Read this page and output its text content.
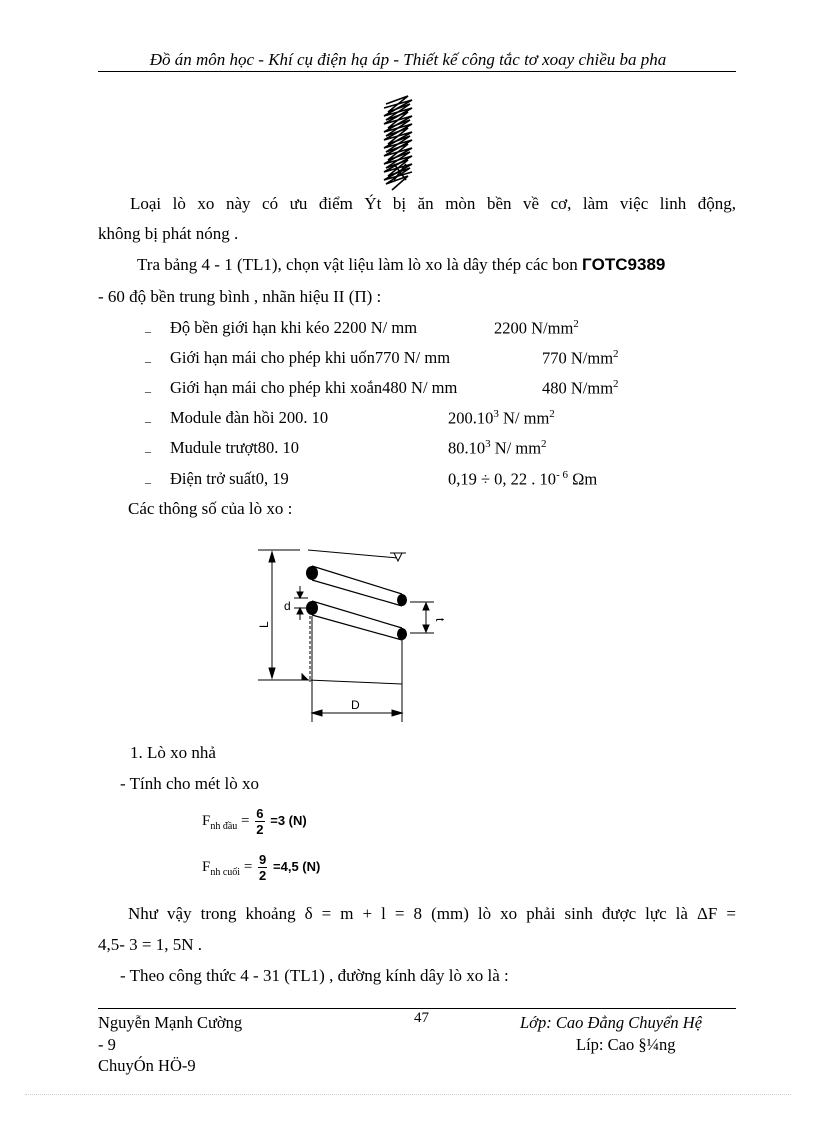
Đồ án môn học - Khí cụ điện hạ áp - Thiết kế công tắc tơ xoay chiều ba pha
Loại lò xo này có ưu điểm Ýt bị ăn mòn bền về cơ, làm việc linh động,
không bị phát nóng .
Tra bảng 4 - 1 (TL1), chọn vật liệu làm lò xo là dây thép các bon ГOTC9389
- 60 độ bền trung bình , nhãn hiệu II (П) :
_ Độ bền giới hạn khi kéo 2200 N/ mm	2200 $N/mm^2$
_ Giới hạn mái cho phép khi uốn770 N/ mm	770 $N/mm^2$
_ Giới hạn mái cho phép khi xoắn480 N/ mm	480 $N/mm^2$
_ Module đàn hồi 200. 10	200.10$^3$ N/ $mm^2$
_ Mudule trượt80. 10	80.10$^3$ N/ $mm^2$
_ Điện trở suất0, 19	0,19 ÷ 0, 22 . $10^{- 6}$ Ωm
Các thông số của lò xo :
L
d
t
D
1. Lò xo nhả
- Tính cho mét lò xo
$F_{nh đầu} = \frac{6}{2} =3$ (N)
$F_{nh cuối} = \frac{9}{2} =4,5$ (N)
Như vậy trong khoảng δ = m + l = 8 (mm) lò xo phải sinh được lực là ΔF =
4,5- 3 = 1, 5N .
- Theo công thức 4 - 31 (TL1) , đường kính dây lò xo là :
Nguyễn Mạnh Cường
- 9
ChuyÓn HÖ-9
47	Lớp: Cao Đẳng Chuyển Hệ
Líp: Cao §¼ng
